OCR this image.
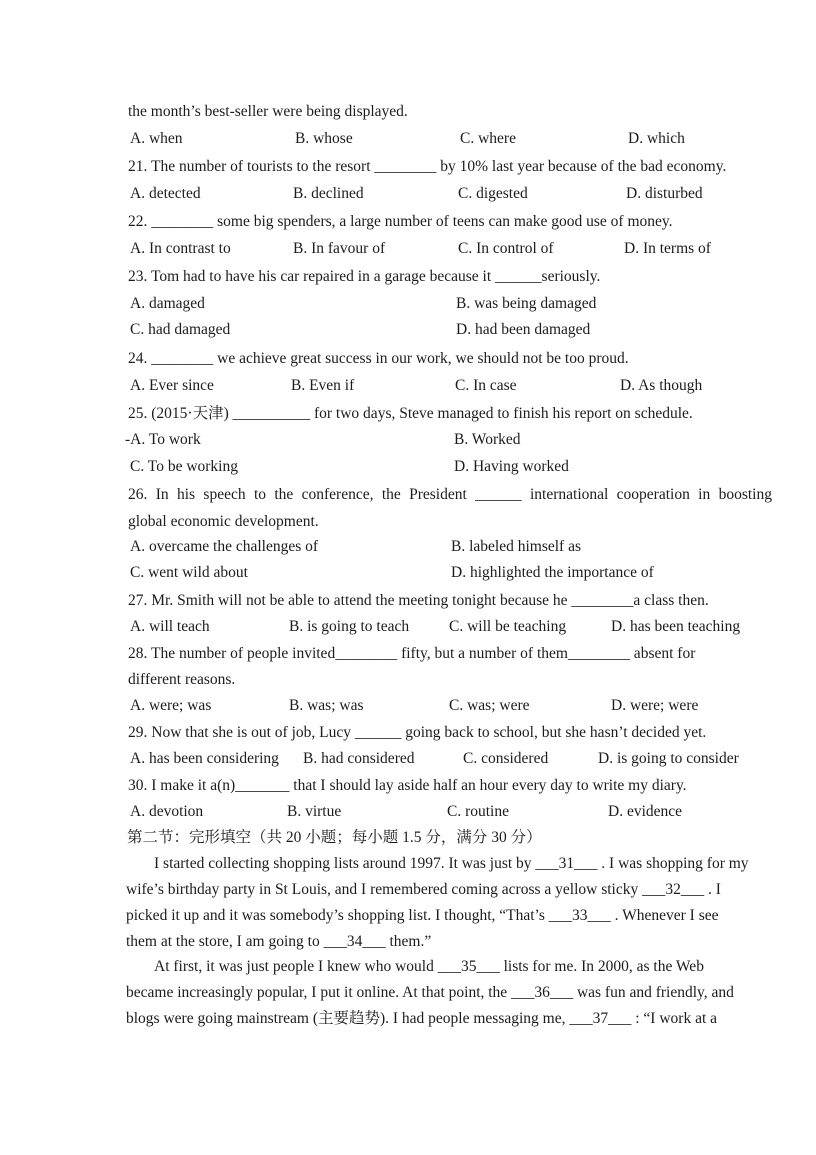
the month’s best-seller were being displayed.
A. when	B. whose	C. where	D. which
21. The number of tourists to the resort ________ by 10% last year because of the bad economy.
A. detected	B. declined	C. digested	D. disturbed
22. ________ some big spenders, a large number of teens can make good use of money.
A. In contrast to	B. In favour of	C. In control of	D. In terms of
23. Tom had to have his car repaired in a garage because it ______seriously.
A. damaged	B. was being damaged
C. had damaged	D. had been damaged
24. ________ we achieve great success in our work, we should not be too proud.
A. Ever since	B. Even if	C. In case	D. As though
25. (2015·天津) __________ for two days, Steve managed to finish his report on schedule.
-A. To work	B. Worked
C. To be working	D. Having worked
26. In his speech to the conference, the President ______ international cooperation in boosting
global economic development.
A. overcame the challenges of	B. labeled himself as
C. went wild about	D. highlighted the importance of
27. Mr. Smith will not be able to attend the meeting tonight because he ________a class then.
A. will teach	B. is going to teach	C. will be teaching	D. has been teaching
28. The number of people invited________ fifty, but a number of them________ absent for
different reasons.
A. were; was	B. was; was	C. was; were	D. were; were
29. Now that she is out of job, Lucy ______ going back to school, but she hasn’t decided yet.
A. has been considering B. had considered	C. considered	D. is going to consider
30. I make it a(n)_______ that I should lay aside half an hour every day to write my diary.
A. devotion	B. virtue	C. routine	D. evidence
第二节：完形填空（共 20 小题；每小题 1.5 分，满分 30 分）
I started collecting shopping lists around 1997. It was just by ___31___ . I was shopping for my
wife’s birthday party in St Louis, and I remembered coming across a yellow sticky ___32___ . I
picked it up and it was somebody’s shopping list. I thought, “That’s ___33___ . Whenever I see
them at the store, I am going to ___34___ them.”
At first, it was just people I knew who would ___35___ lists for me. In 2000, as the Web
became increasingly popular, I put it online. At that point, the ___36___ was fun and friendly, and
blogs were going mainstream (主要趋势). I had people messaging me, ___37___ : “I work at a
